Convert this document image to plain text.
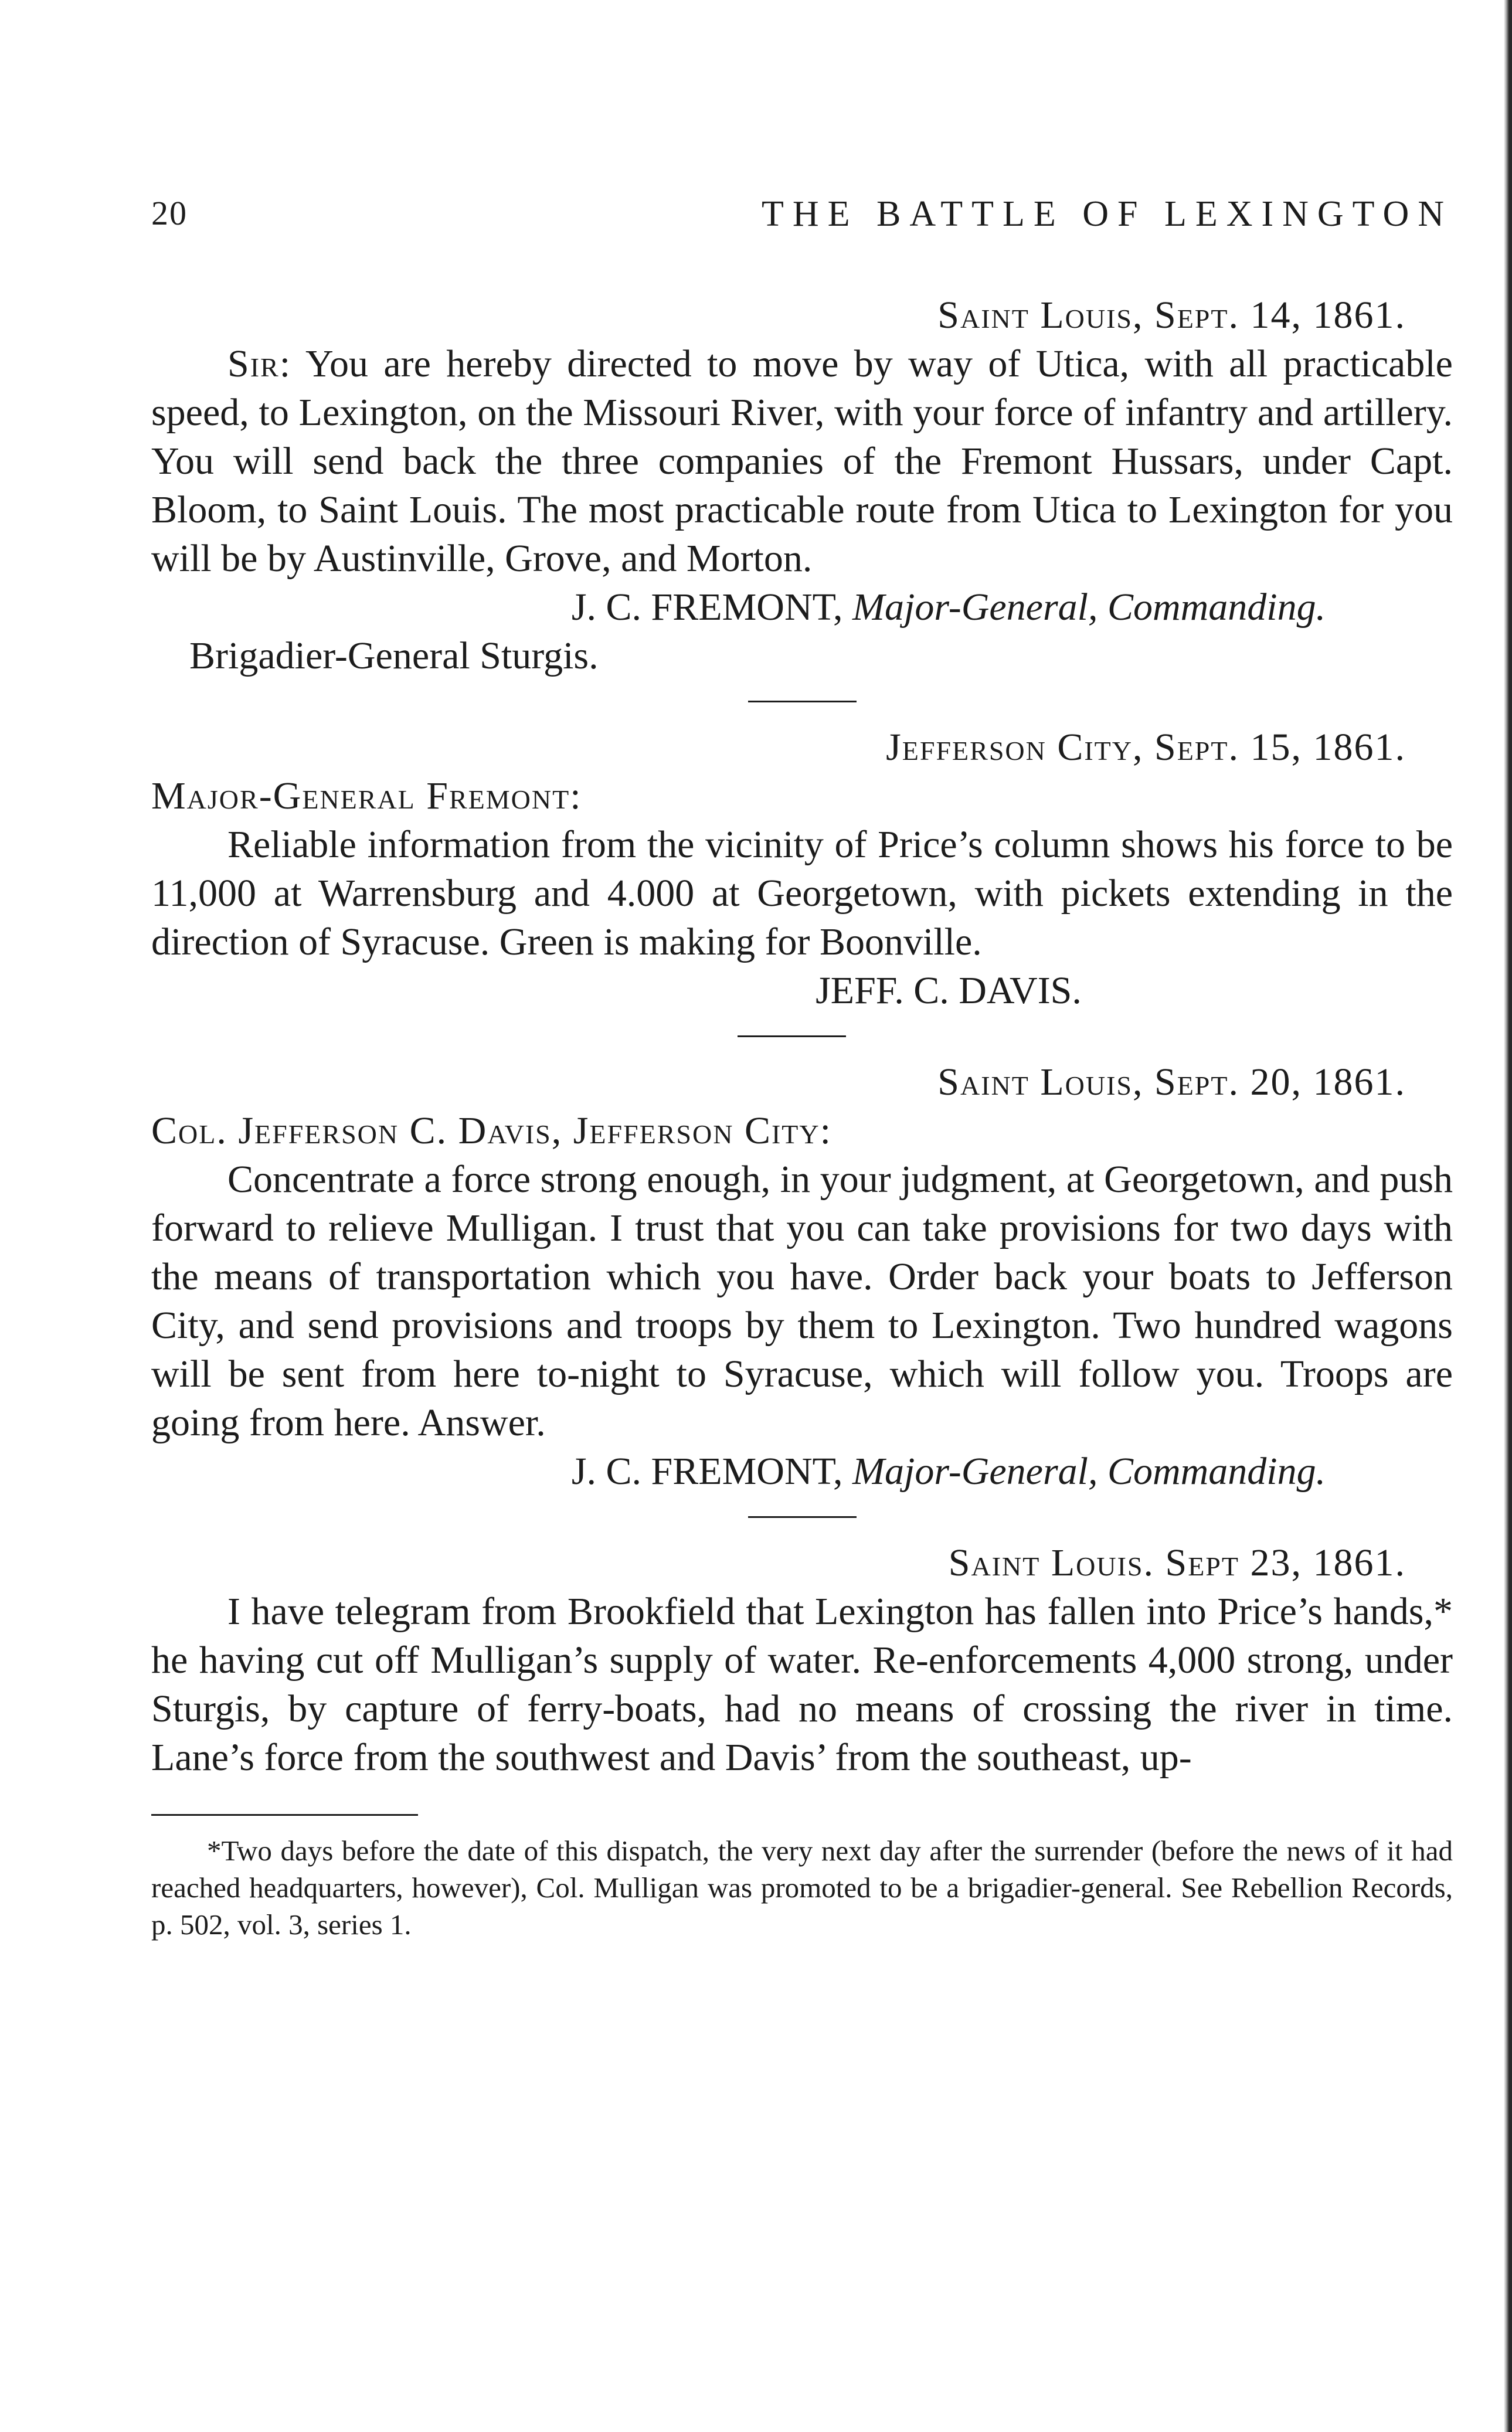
20	THE BATTLE OF LEXINGTON
Saint Louis, Sept. 14, 1861.

Sir: You are hereby directed to move by way of Utica, with all practicable speed, to Lexington, on the Missouri River, with your force of infantry and artillery. You will send back the three companies of the Fremont Hussars, under Capt. Bloom, to Saint Louis. The most practicable route from Utica to Lexington for you will be by Austinville, Grove, and Morton.

J. C. FREMONT, Major-General, Commanding.
Brigadier-General Sturgis.
Jefferson City, Sept. 15, 1861.
Major-General Fremont:

Reliable information from the vicinity of Price’s column shows his force to be 11,000 at Warrensburg and 4.000 at Georgetown, with pickets extending in the direction of Syracuse. Green is making for Boonville.

JEFF. C. DAVIS.
Saint Louis, Sept. 20, 1861.
Col. Jefferson C. Davis, Jefferson City:

Concentrate a force strong enough, in your judgment, at Georgetown, and push forward to relieve Mulligan. I trust that you can take provisions for two days with the means of transportation which you have. Order back your boats to Jefferson City, and send provisions and troops by them to Lexington. Two hundred wagons will be sent from here to-night to Syracuse, which will follow you. Troops are going from here. Answer.

J. C. FREMONT, Major-General, Commanding.
Saint Louis. Sept 23, 1861.

I have telegram from Brookfield that Lexington has fallen into Price’s hands,* he having cut off Mulligan’s supply of water. Re-enforcements 4,000 strong, under Sturgis, by capture of ferry-boats, had no means of crossing the river in time. Lane’s force from the southwest and Davis’ from the southeast, up-

*Two days before the date of this dispatch, the very next day after the surrender (before the news of it had reached headquarters, however), Col. Mulligan was promoted to be a brigadier-general. See Rebellion Records, p. 502, vol. 3, series 1.
